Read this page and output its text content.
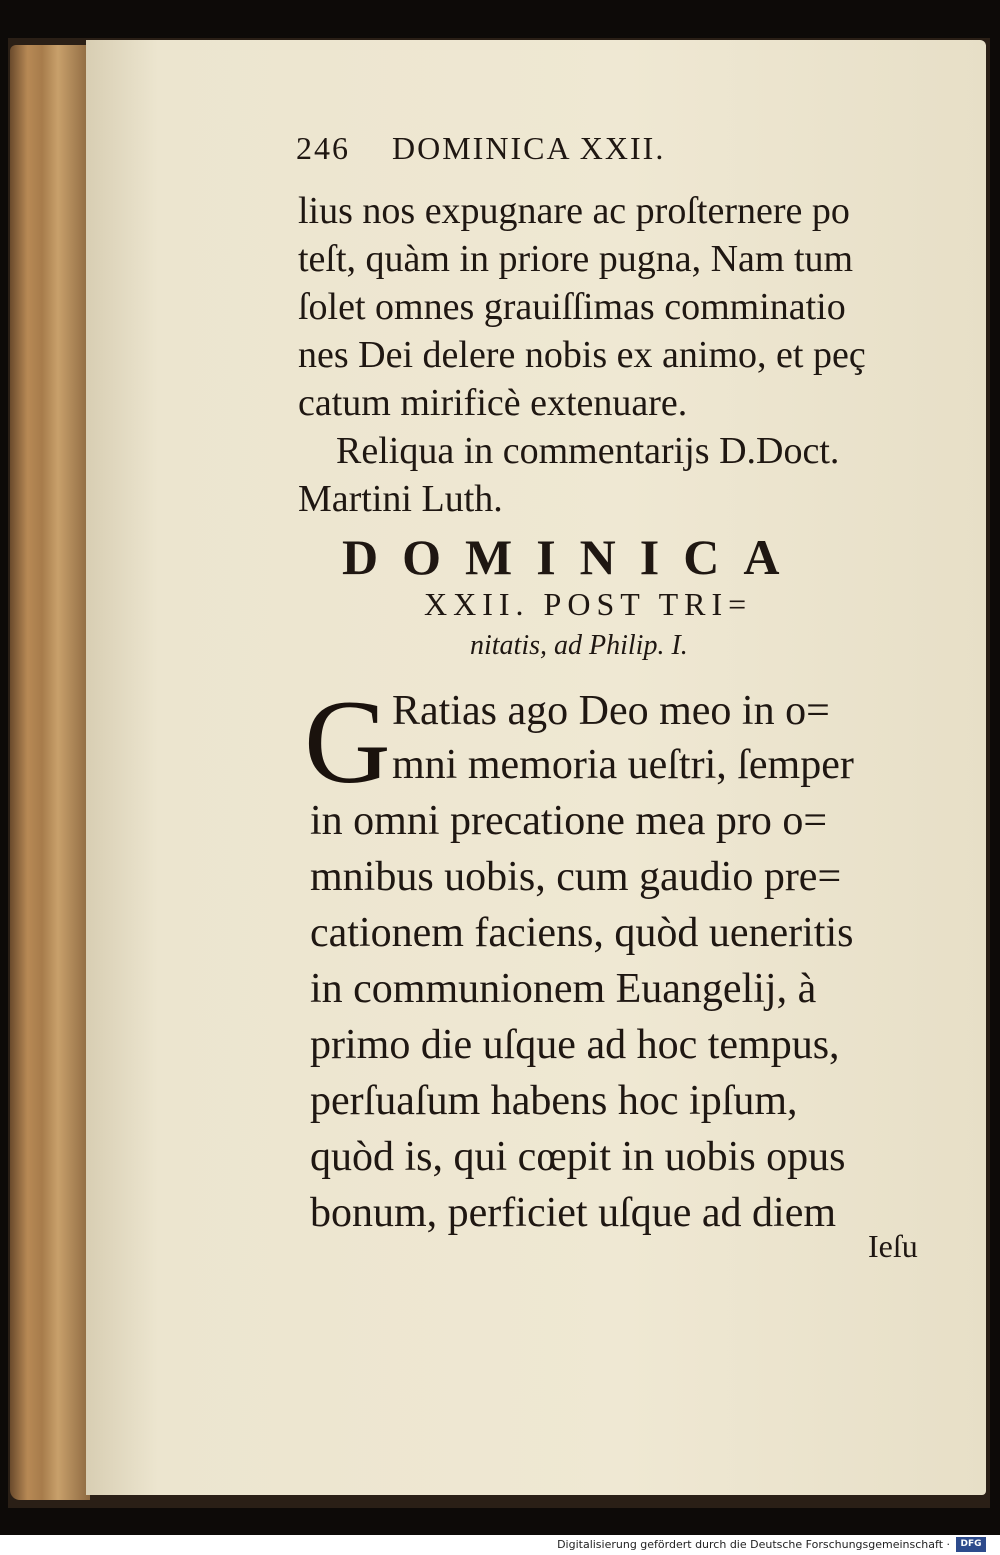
246 DOMINICA XXII.
lius nos expugnare ac proſternere po
teſt, quàm in priore pugna, Nam tum
ſolet omnes grauiſſimas comminatio
nes Dei delere nobis ex animo, et peç
catum mirificè extenuare.
Reliqua in commentarijs D.Doct.
Martini Luth.
DOMINICA
XXII. POST TRI=
nitatis, ad Philip. I.
G Ratias ago Deo meo in o=
mni memoria ueſtri, ſemper
in omni precatione mea pro o=
mnibus uobis, cum gaudio pre=
cationem faciens, quòd ueneritis
in communionem Euangelij, à
primo die uſque ad hoc tempus,
perſuaſum habens hoc ipſum,
quòd is, qui cœpit in uobis opus
bonum, perficiet uſque ad diem
Ieſu
Digitalisierung gefördert durch die Deutsche Forschungsgemeinschaft ·	DFG
